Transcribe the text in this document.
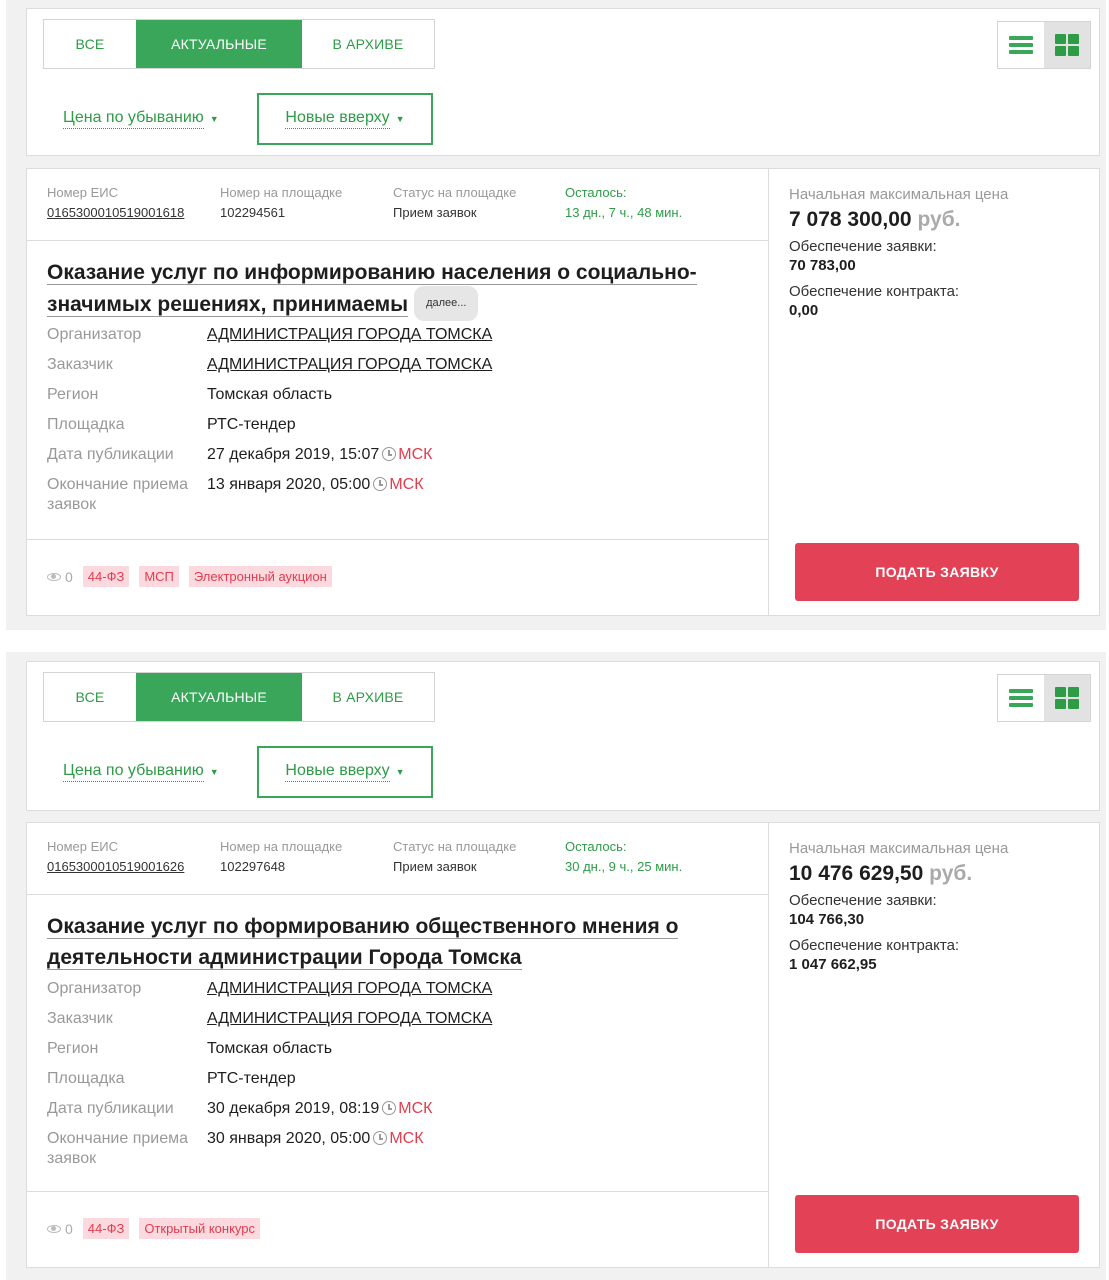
ВСЕ	АКТУАЛЬНЫЕ	В АРХИВЕ
Цена по убыванию ▼	Новые вверху ▼
Номер ЕИС
0165300010519001618
Номер на площадке
102294561
Статус на площадке
Прием заявок
Осталось:
13 дн., 7 ч., 48 мин.
Оказание услуг по информированию населения о социально-
значимых решениях, принимаемы далее...
Организатор	АДМИНИСТРАЦИЯ ГОРОДА ТОМСКА
Заказчик	АДМИНИСТРАЦИЯ ГОРОДА ТОМСКА
Регион	Томская область
Площадка	РТС-тендер
Дата публикации	27 декабря 2019, 15:07 МСК
Окончание приема заявок
13 января 2020, 05:00 МСК
0	44-ФЗ	МСП	Электронный аукцион
Начальная максимальная цена
7 078 300,00 руб.
Обеспечение заявки:
70 783,00
Обеспечение контракта:
0,00
ПОДАТЬ ЗАЯВКУ
ВСЕ	АКТУАЛЬНЫЕ	В АРХИВЕ
Цена по убыванию ▼	Новые вверху ▼
Номер ЕИС
0165300010519001626
Номер на площадке
102297648
Статус на площадке
Прием заявок
Осталось:
30 дн., 9 ч., 25 мин.
Оказание услуг по формированию общественного мнения о
деятельности администрации Города Томска
Организатор	АДМИНИСТРАЦИЯ ГОРОДА ТОМСКА
Заказчик	АДМИНИСТРАЦИЯ ГОРОДА ТОМСКА
Регион	Томская область
Площадка	РТС-тендер
Дата публикации	30 декабря 2019, 08:19 МСК
Окончание приема заявок
30 января 2020, 05:00 МСК
0	44-ФЗ	Открытый конкурс
Начальная максимальная цена
10 476 629,50 руб.
Обеспечение заявки:
104 766,30
Обеспечение контракта:
1 047 662,95
ПОДАТЬ ЗАЯВКУ
